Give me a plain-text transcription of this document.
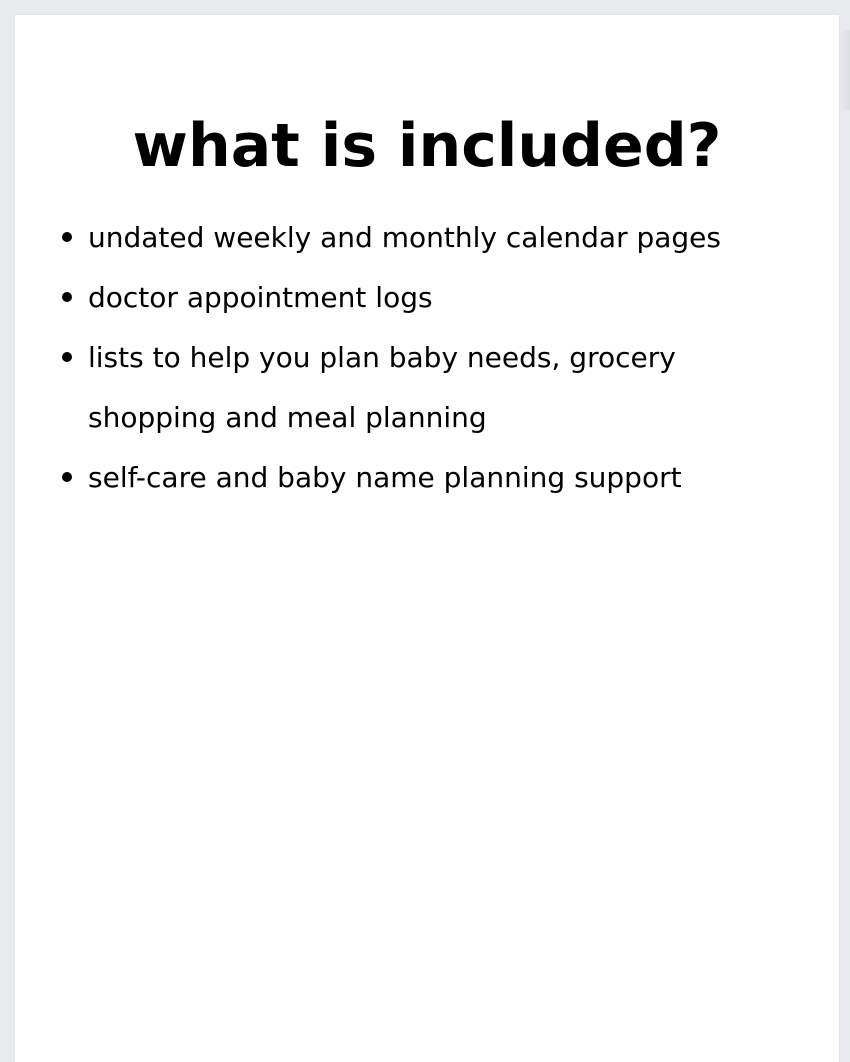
what is included?
undated weekly and monthly calendar pages
doctor appointment logs
lists to help you plan baby needs, grocery shopping and meal planning
self-care and baby name planning support
